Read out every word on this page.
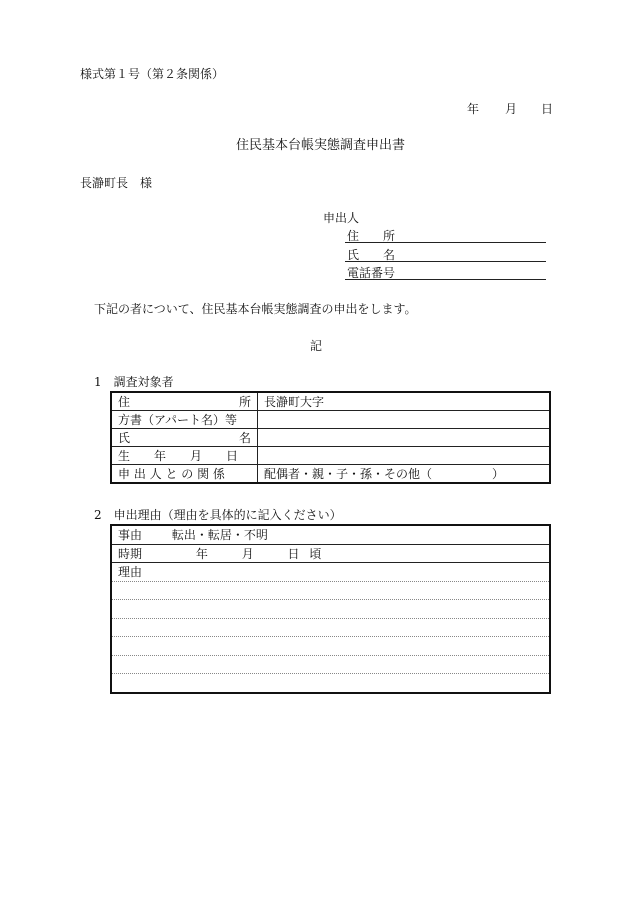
様式第１号（第２条関係）
年 月 日
住民基本台帳実態調査申出書
長瀞町長　様
申出人
住　　所
氏　　名
電話番号
下記の者について、住民基本台帳実態調査の申出をします。
記
1　調査対象者
住 所	長瀞町大字
方書（アパート名）等	

氏 名	

生　　年　　月　　日	
申 出 人 と の 関 係	配偶者・親・子・孫・その他（　　　　　）
2　申出理由（理由を具体的に記入ください）
事由 転出・転居・不明
時期	年	月	日 頃
理由
